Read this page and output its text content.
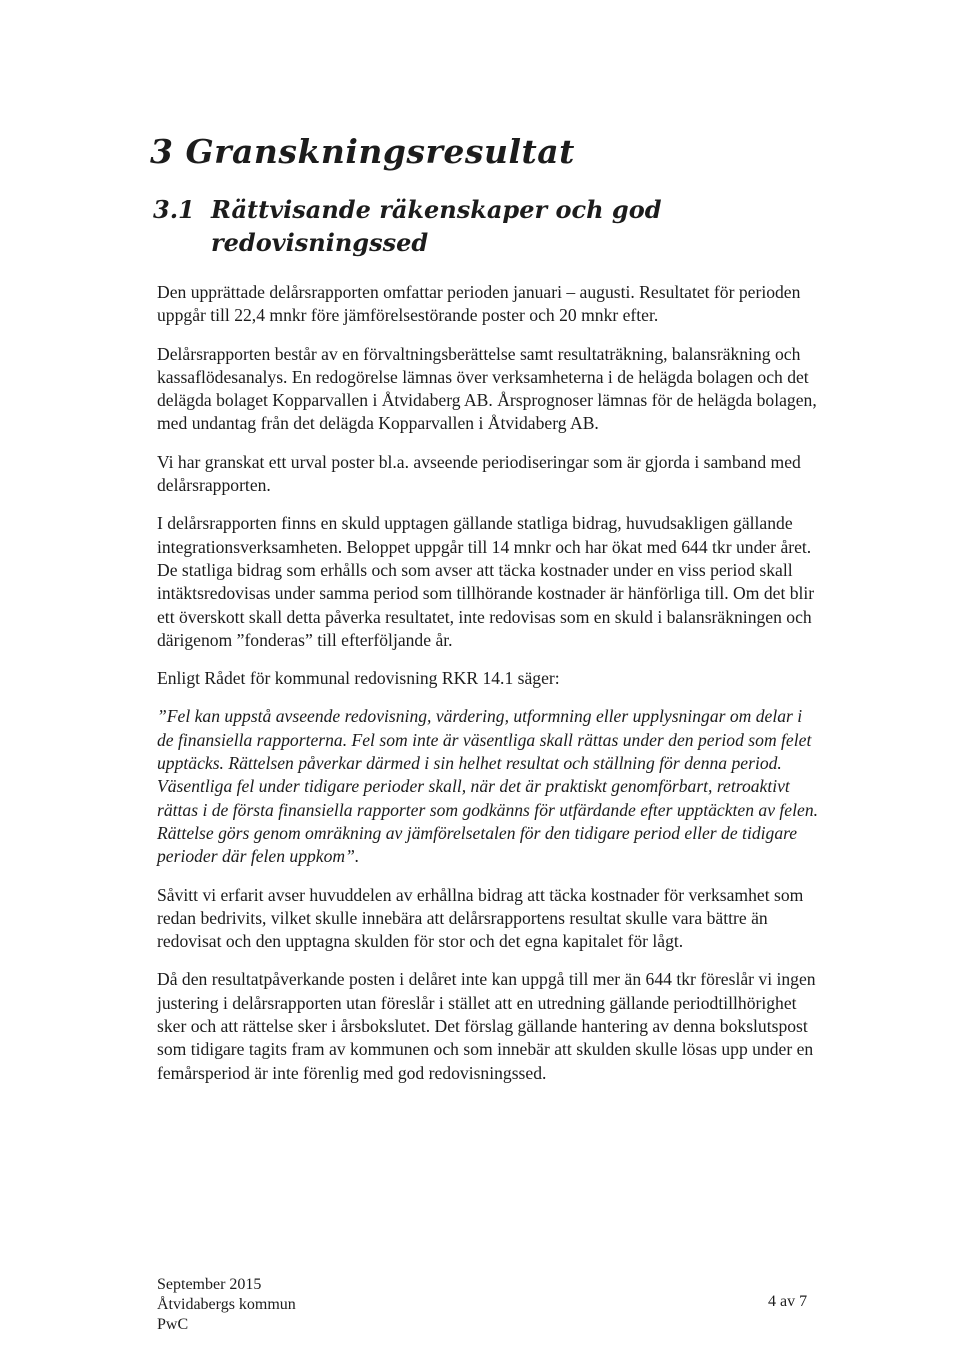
3 Granskningsresultat
3.1 Rättvisande räkenskaper och god
redovisningssed

Den upprättade delårsrapporten omfattar perioden januari – augusti. Resultatet för perioden uppgår till 22,4 mnkr före jämförelsestörande poster och 20 mnkr efter.

Delårsrapporten består av en förvaltningsberättelse samt resultaträkning, balansräkning och kassaflödesanalys. En redogörelse lämnas över verksamheterna i de helägda bolagen och det delägda bolaget Kopparvallen i Åtvidaberg AB. Årsprognoser lämnas för de helägda bolagen, med undantag från det delägda Kopparvallen i Åtvidaberg AB.

Vi har granskat ett urval poster bl.a. avseende periodiseringar som är gjorda i samband med delårsrapporten.

I delårsrapporten finns en skuld upptagen gällande statliga bidrag, huvudsakligen gällande integrationsverksamheten. Beloppet uppgår till 14 mnkr och har ökat med 644 tkr under året. De statliga bidrag som erhålls och som avser att täcka kostnader under en viss period skall intäktsredovisas under samma period som tillhörande kostnader är hänförliga till. Om det blir ett överskott skall detta påverka resultatet, inte redovisas som en skuld i balansräkningen och därigenom ”fonderas” till efterföljande år.

Enligt Rådet för kommunal redovisning RKR 14.1 säger:

”Fel kan uppstå avseende redovisning, värdering, utformning eller upplysningar om delar i de finansiella rapporterna. Fel som inte är väsentliga skall rättas under den period som felet upptäcks. Rättelsen påverkar därmed i sin helhet resultat och ställning för denna period. Väsentliga fel under tidigare perioder skall, när det är praktiskt genomförbart, retroaktivt rättas i de första finansiella rapporter som godkänns för utfärdande efter upptäckten av felen. Rättelse görs genom omräkning av jämförelsetalen för den tidigare period eller de tidigare perioder där felen uppkom”.

Såvitt vi erfarit avser huvuddelen av erhållna bidrag att täcka kostnader för verksamhet som redan bedrivits, vilket skulle innebära att delårsrapportens resultat skulle vara bättre än redovisat och den upptagna skulden för stor och det egna kapitalet för lågt.

Då den resultatpåverkande posten i delåret inte kan uppgå till mer än 644 tkr föreslår vi ingen justering i delårsrapporten utan föreslår i stället att en utredning gällande periodtillhörighet sker och att rättelse sker i årsbokslutet. Det förslag gällande hantering av denna bokslutspost som tidigare tagits fram av kommunen och som innebär att skulden skulle lösas upp under en femårsperiod är inte förenlig med god redovisningssed.

September 2015
Åtvidabergs kommun
PwC
4 av 7
